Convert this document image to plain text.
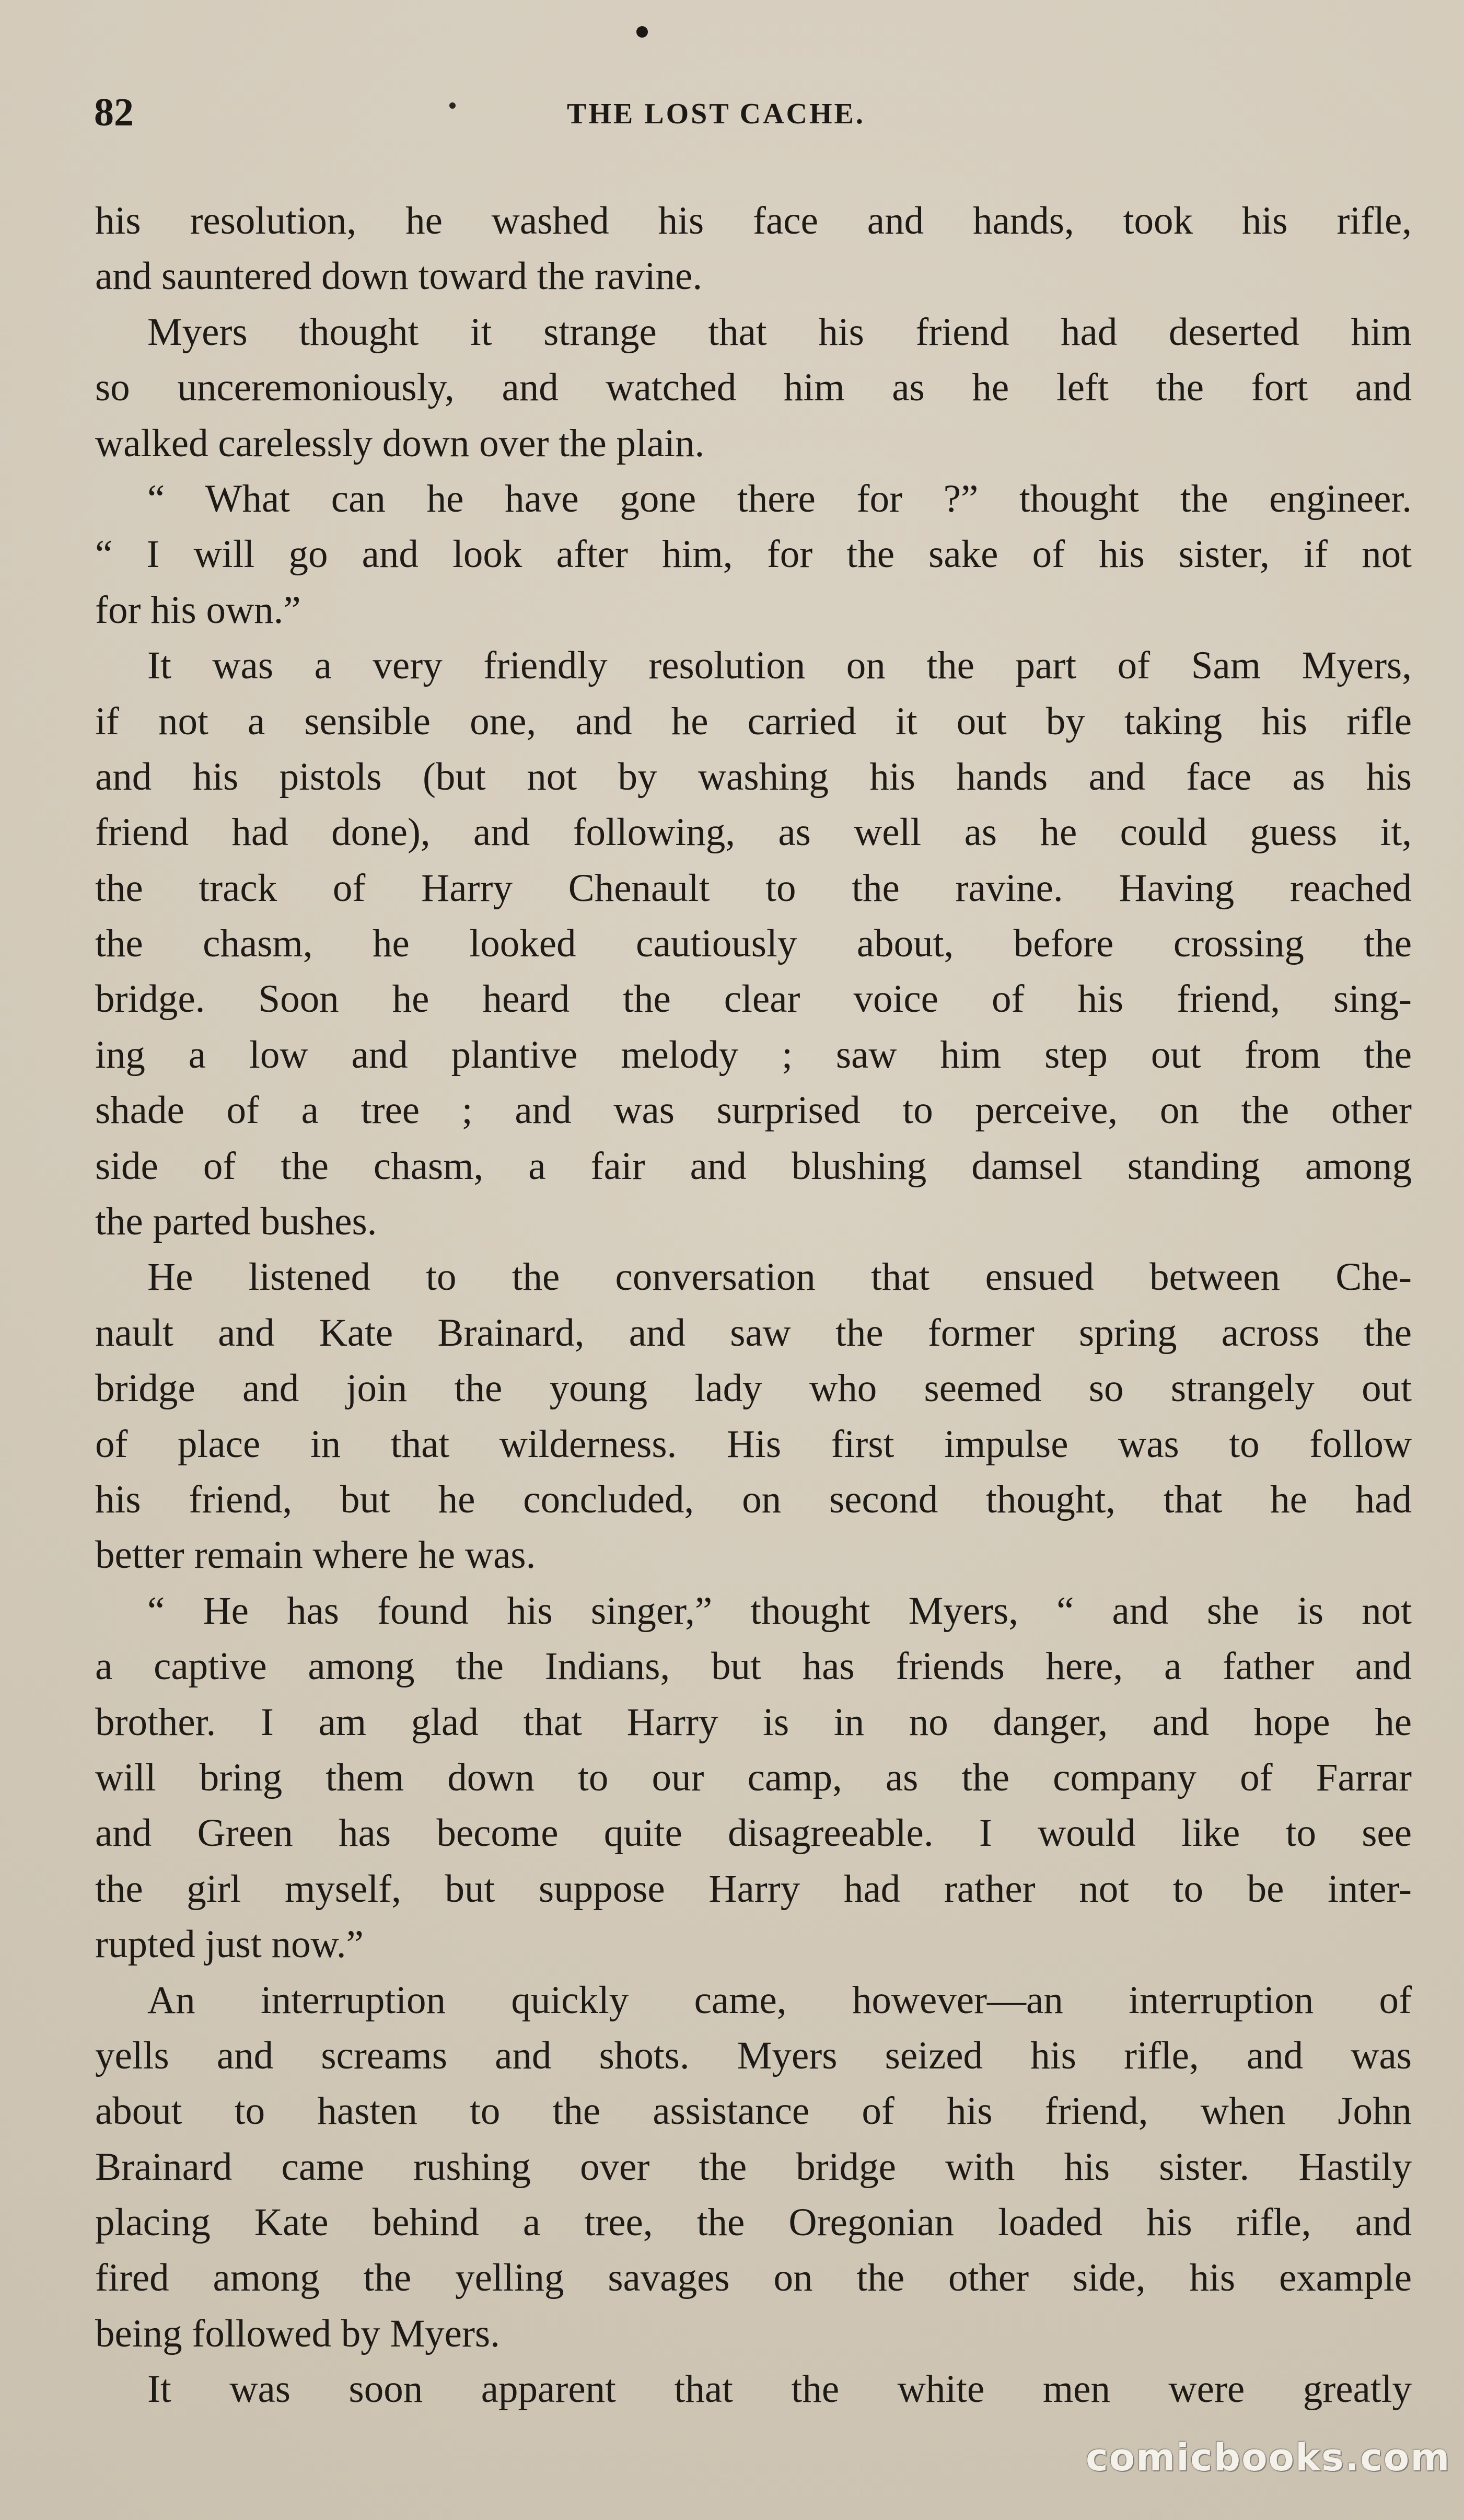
82	THE LOST CACHE.
his resolution, he washed his face and hands, took his rifle,
and sauntered down toward the ravine.
Myers thought it strange that his friend had deserted him
so unceremoniously, and watched him as he left the fort and
walked carelessly down over the plain.
“ What can he have gone there for ?” thought the engineer.
“ I will go and look after him, for the sake of his sister, if not
for his own.”
It was a very friendly resolution on the part of Sam Myers,
if not a sensible one, and he carried it out by taking his rifle
and his pistols (but not by washing his hands and face as his
friend had done), and following, as well as he could guess it,
the track of Harry Chenault to the ravine. Having reached
the chasm, he looked cautiously about, before crossing the
bridge. Soon he heard the clear voice of his friend, sing-
ing a low and plantive melody ; saw him step out from the
shade of a tree ; and was surprised to perceive, on the other
side of the chasm, a fair and blushing damsel standing among
the parted bushes.
He listened to the conversation that ensued between Che-
nault and Kate Brainard, and saw the former spring across the
bridge and join the young lady who seemed so strangely out
of place in that wilderness. His first impulse was to follow
his friend, but he concluded, on second thought, that he had
better remain where he was.
“ He has found his singer,” thought Myers, “ and she is not
a captive among the Indians, but has friends here, a father and
brother. I am glad that Harry is in no danger, and hope he
will bring them down to our camp, as the company of Farrar
and Green has become quite disagreeable. I would like to see
the girl myself, but suppose Harry had rather not to be inter-
rupted just now.”
An interruption quickly came, however—an interruption of
yells and screams and shots. Myers seized his rifle, and was
about to hasten to the assistance of his friend, when John
Brainard came rushing over the bridge with his sister. Hastily
placing Kate behind a tree, the Oregonian loaded his rifle, and
fired among the yelling savages on the other side, his example
being followed by Myers.
It was soon apparent that the white men were greatly
comicbooks.com
